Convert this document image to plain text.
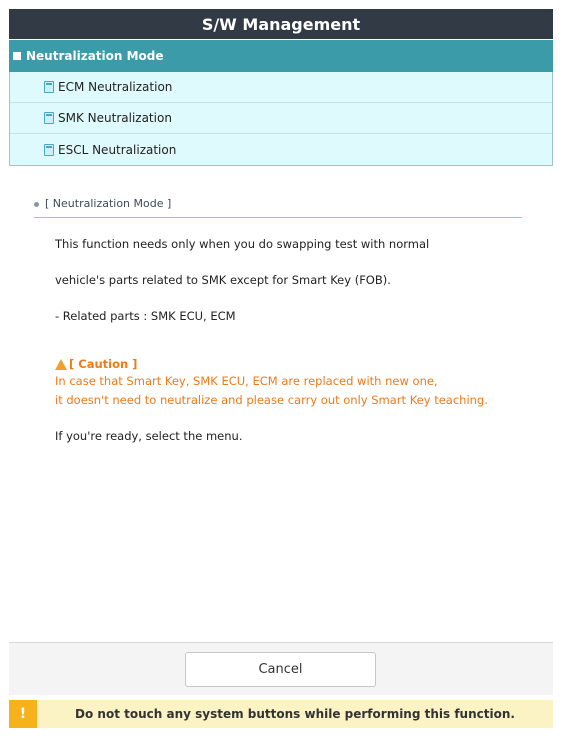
S/W Management
Neutralization Mode
ECM Neutralization
SMK Neutralization
ESCL Neutralization
[ Neutralization Mode ]
This function needs only when you do swapping test with normal
vehicle's parts related to SMK except for Smart Key (FOB).
- Related parts : SMK ECU, ECM
[ Caution ]
In case that Smart Key, SMK ECU, ECM are replaced with new one,
it doesn't need to neutralize and please carry out only Smart Key teaching.
If you're ready, select the menu.
Cancel
!	Do not touch any system buttons while performing this function.
